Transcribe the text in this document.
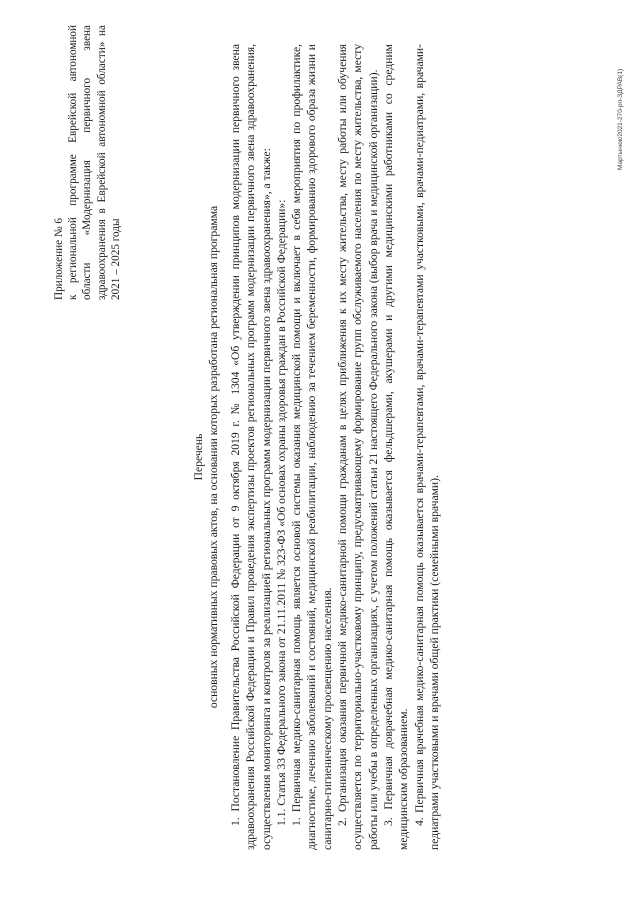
Приложение № 6 к региональной программе Еврейской автономной области «Модернизация первичного звена здравоохранения в Еврейской автономной области» на 2021 – 2025 годы

Перечень основных нормативных правовых актов, на основании которых разработана региональная программа 1. Постановление Правительства Российской Федерации от 9 октября 2019 г. № 1304 «Об утверждении принципов модернизации первичного звена здравоохранения Российской Федерации и Правил проведения экспертизы проектов региональных программ модернизации первичного звена здравоохранения, осуществления мониторинга и контроля за реализацией региональных программ модернизации первичного звена здравоохранения», а также: 1.1. Статья 33 Федерального закона от 21.11.2011 № 323-ФЗ «Об основах охраны здоровья граждан в Российской Федерации»: 1. Первичная медико-санитарная помощь является основой системы оказания медицинской помощи и включает в себя мероприятия по профилактике, диагностике, лечению заболеваний и состояний, медицинской реабилитации, наблюдению за течением беременности, формированию здорового образа жизни и санитарно-гигиеническому просвещению населения. 2. Организация оказания первичной медико-санитарной помощи гражданам в целях приближения к их месту жительства, месту работы или обучения осуществляется по территориально-участковому принципу, предусматривающему формирование групп обслуживаемого населения по месту жительства, месту работы или учебы в определенных организациях, с учетом положений статьи 21 настоящего Федерального закона (выбор врача и медицинской организации). 3. Первичная доврачебная медико-санитарная помощь оказывается фельдшерами, акушерами и другими медицинскими работниками со средним медицинским образованием. 4. Первичная врачебная медико-санитарная помощь оказывается врачами-терапевтами, врачами-терапевтами участковыми, врачами-педиатрами, врачами-педиатрами участковыми и врачами общей практики (семейными врачами).

Мартынюк/2021-270-рп-ЗДРАВ(1)
